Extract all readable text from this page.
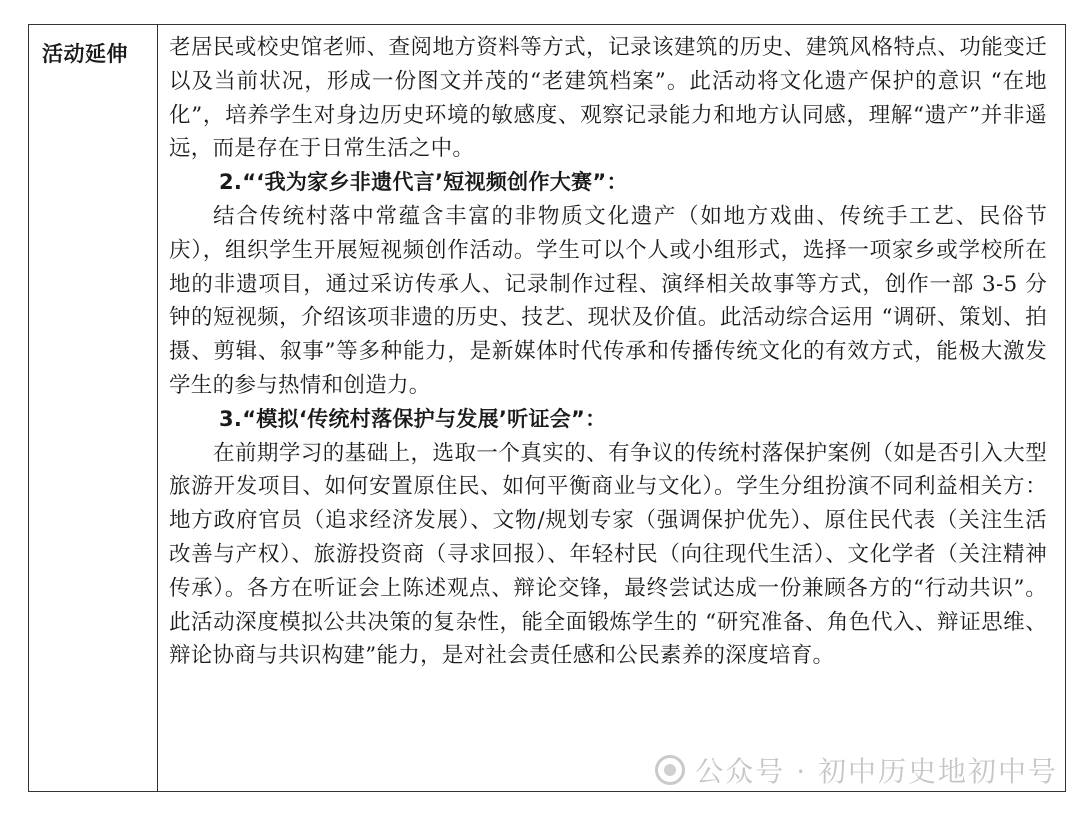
活动延伸 老居民或校史馆老师、查阅地方资料等方式，记录该建筑的历史、建筑风格特点、功能变迁以及当前状况，形成一份图文并茂的“老建筑档案”。此活动将文化遗产保护的意识 “在地化”，培养学生对身边历史环境的敏感度、观察记录能力和地方认同感，理解“遗产”并非遥远，而是存在于日常生活之中。

2.“‘我为家乡非遗代言’短视频创作大赛”：

结合传统村落中常蕴含丰富的非物质文化遗产（如地方戏曲、传统手工艺、民俗节庆），组织学生开展短视频创作活动。学生可以个人或小组形式，选择一项家乡或学校所在地的非遗项目，通过采访传承人、记录制作过程、演绎相关故事等方式，创作一部 3-5 分钟的短视频，介绍该项非遗的历史、技艺、现状及价值。此活动综合运用 “调研、策划、拍摄、剪辑、叙事”等多种能力，是新媒体时代传承和传播传统文化的有效方式，能极大激发学生的参与热情和创造力。

3.“模拟‘传统村落保护与发展’听证会”：

在前期学习的基础上，选取一个真实的、有争议的传统村落保护案例（如是否引入大型旅游开发项目、如何安置原住民、如何平衡商业与文化）。学生分组扮演不同利益相关方：地方政府官员（追求经济发展）、文物/规划专家（强调保护优先）、原住民代表（关注生活改善与产权）、旅游投资商（寻求回报）、年轻村民（向往现代生活）、文化学者（关注精神传承）。各方在听证会上陈述观点、辩论交锋，最终尝试达成一份兼顾各方的“行动共识”。此活动深度模拟公共决策的复杂性，能全面锻炼学生的 “研究准备、角色代入、辩证思维、辩论协商与共识构建”能力，是对社会责任感和公民素养的深度培育。

公众号 · 初中历史地初中号
